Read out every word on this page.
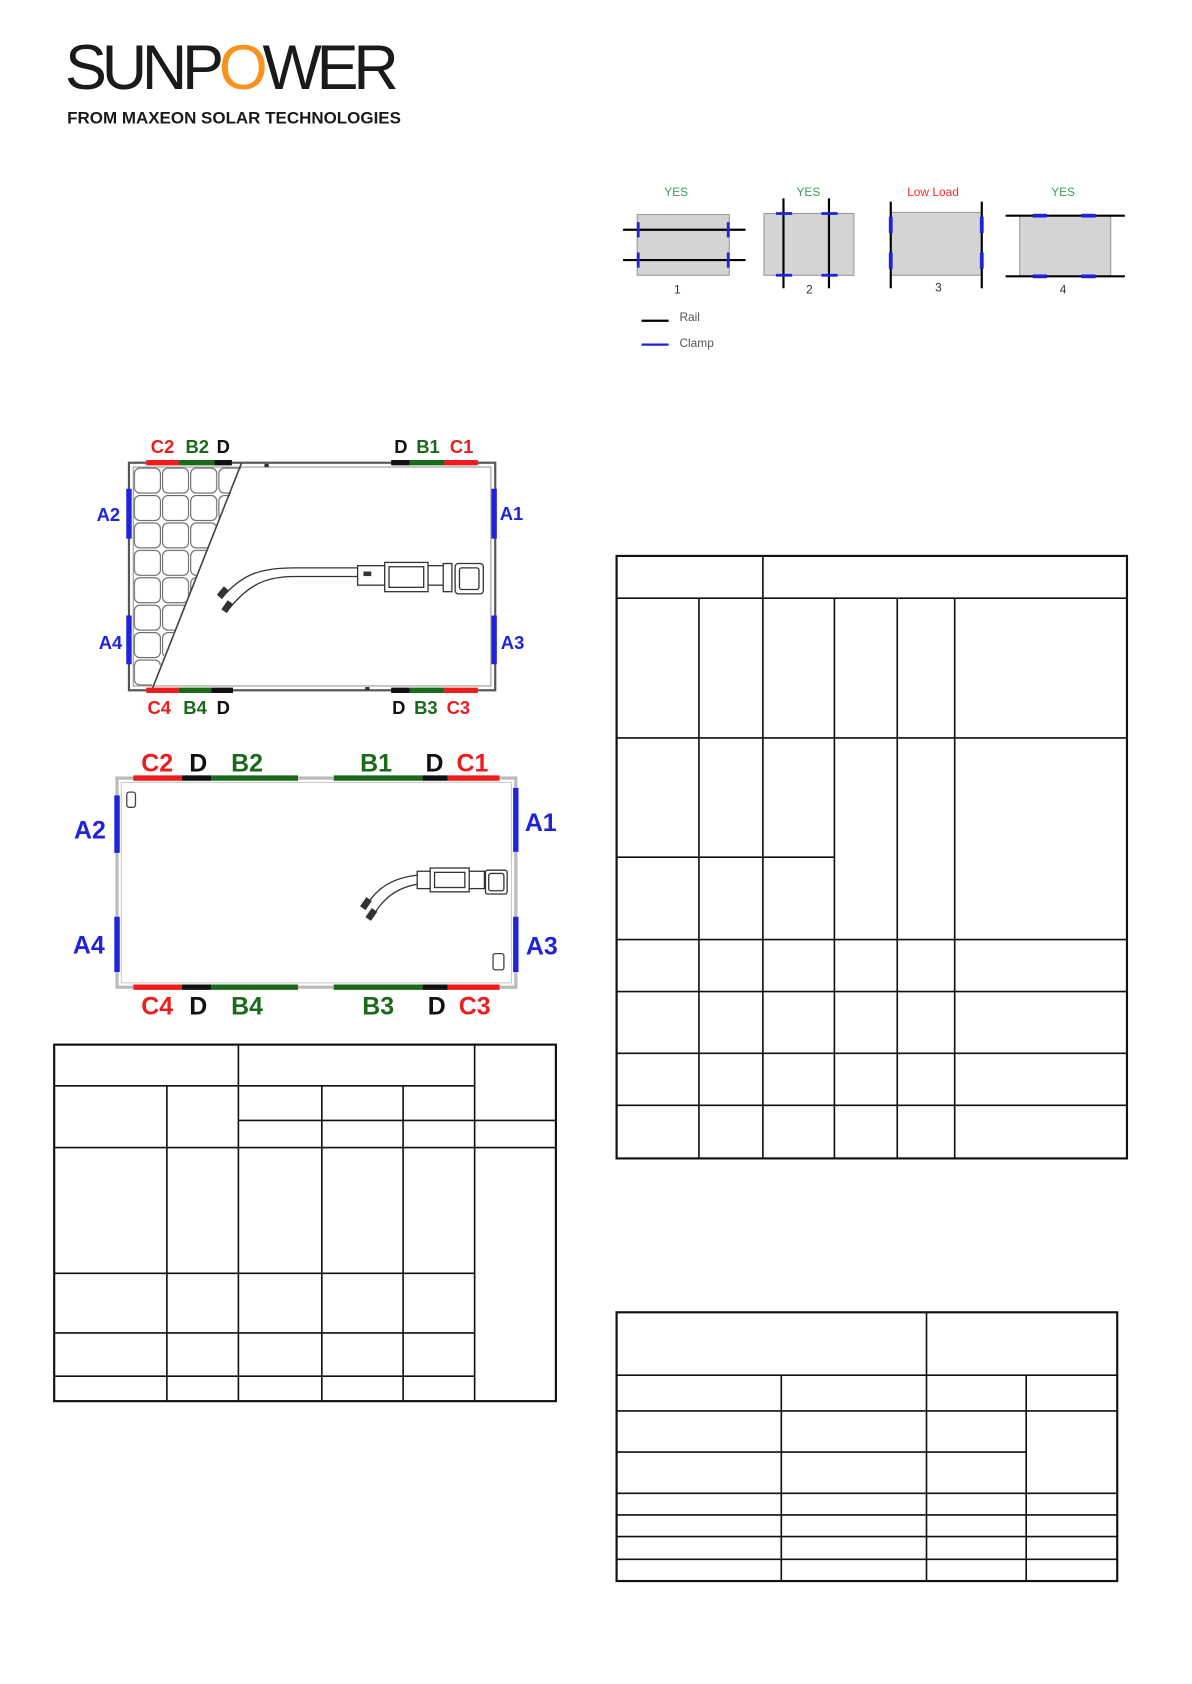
SUNPOWER
FROM MAXEON SOLAR TECHNOLOGIES
YES
1
YES
2
Low Load
3
YES
4
Rail
Clamp
C2 B2 D	D B1 C1
C4 B4 D	D B3 C3
A2
A4
A1
A3
C2 D B2	B1 D C1
C4 D B4	B3 D C3
A2
A4
A1
A3
